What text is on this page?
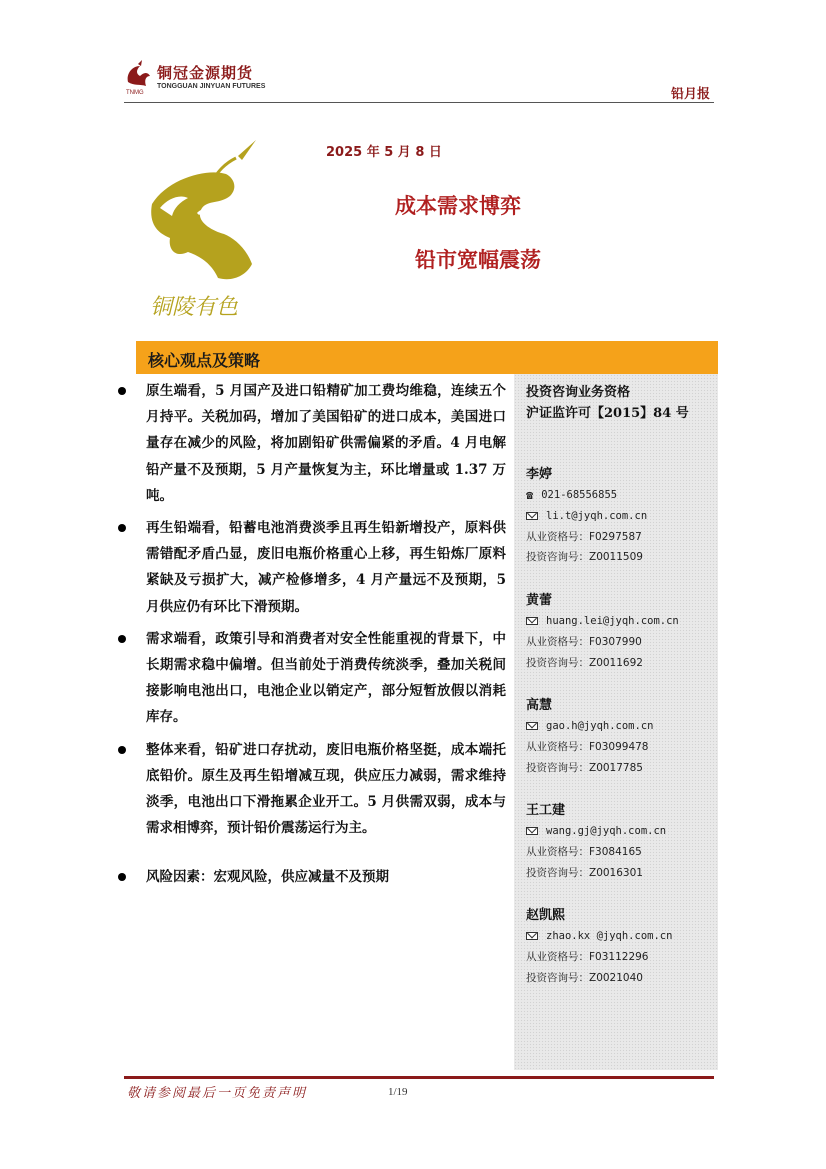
铜冠金源期货
TONGGUAN JINYUAN FUTURES
TNMG	铅月报
2025 年 5 月 8 日
铜陵有色
成本需求博弈
铅市宽幅震荡
核心观点及策略
原生端看，5 月国产及进口铅精矿加工费均维稳，连续五个月持平。关税加码，增加了美国铅矿的进口成本，美国进口量存在减少的风险，将加剧铅矿供需偏紧的矛盾。4 月电解铅产量不及预期，5 月产量恢复为主，环比增量或 1.37 万吨。
再生铅端看，铅蓄电池消费淡季且再生铅新增投产，原料供需错配矛盾凸显，废旧电瓶价格重心上移，再生铅炼厂原料紧缺及亏损扩大，减产检修增多，4 月产量远不及预期，5 月供应仍有环比下滑预期。
需求端看，政策引导和消费者对安全性能重视的背景下，中长期需求稳中偏增。但当前处于消费传统淡季，叠加关税间接影响电池出口，电池企业以销定产，部分短暂放假以消耗库存。
整体来看，铅矿进口存扰动，废旧电瓶价格坚挺，成本端托底铅价。原生及再生铅增减互现，供应压力减弱，需求维持淡季，电池出口下滑拖累企业开工。5 月供需双弱，成本与需求相博弈，预计铅价震荡运行为主。
风险因素：宏观风险，供应减量不及预期
投资咨询业务资格
沪证监许可【2015】84 号
李婷
☎ 021-68556855
li.t@jyqh.com.cn
从业资格号：F0297587
投资咨询号：Z0011509
黄蕾
huang.lei@jyqh.com.cn
从业资格号：F0307990
投资咨询号：Z0011692
高慧
gao.h@jyqh.com.cn
从业资格号：F03099478
投资咨询号：Z0017785
王工建
wang.gj@jyqh.com.cn
从业资格号：F3084165
投资咨询号：Z0016301
赵凯熙
zhao.kx @jyqh.com.cn
从业资格号：F03112296
投资咨询号：Z0021040
敬请参阅最后一页免责声明	1/19
